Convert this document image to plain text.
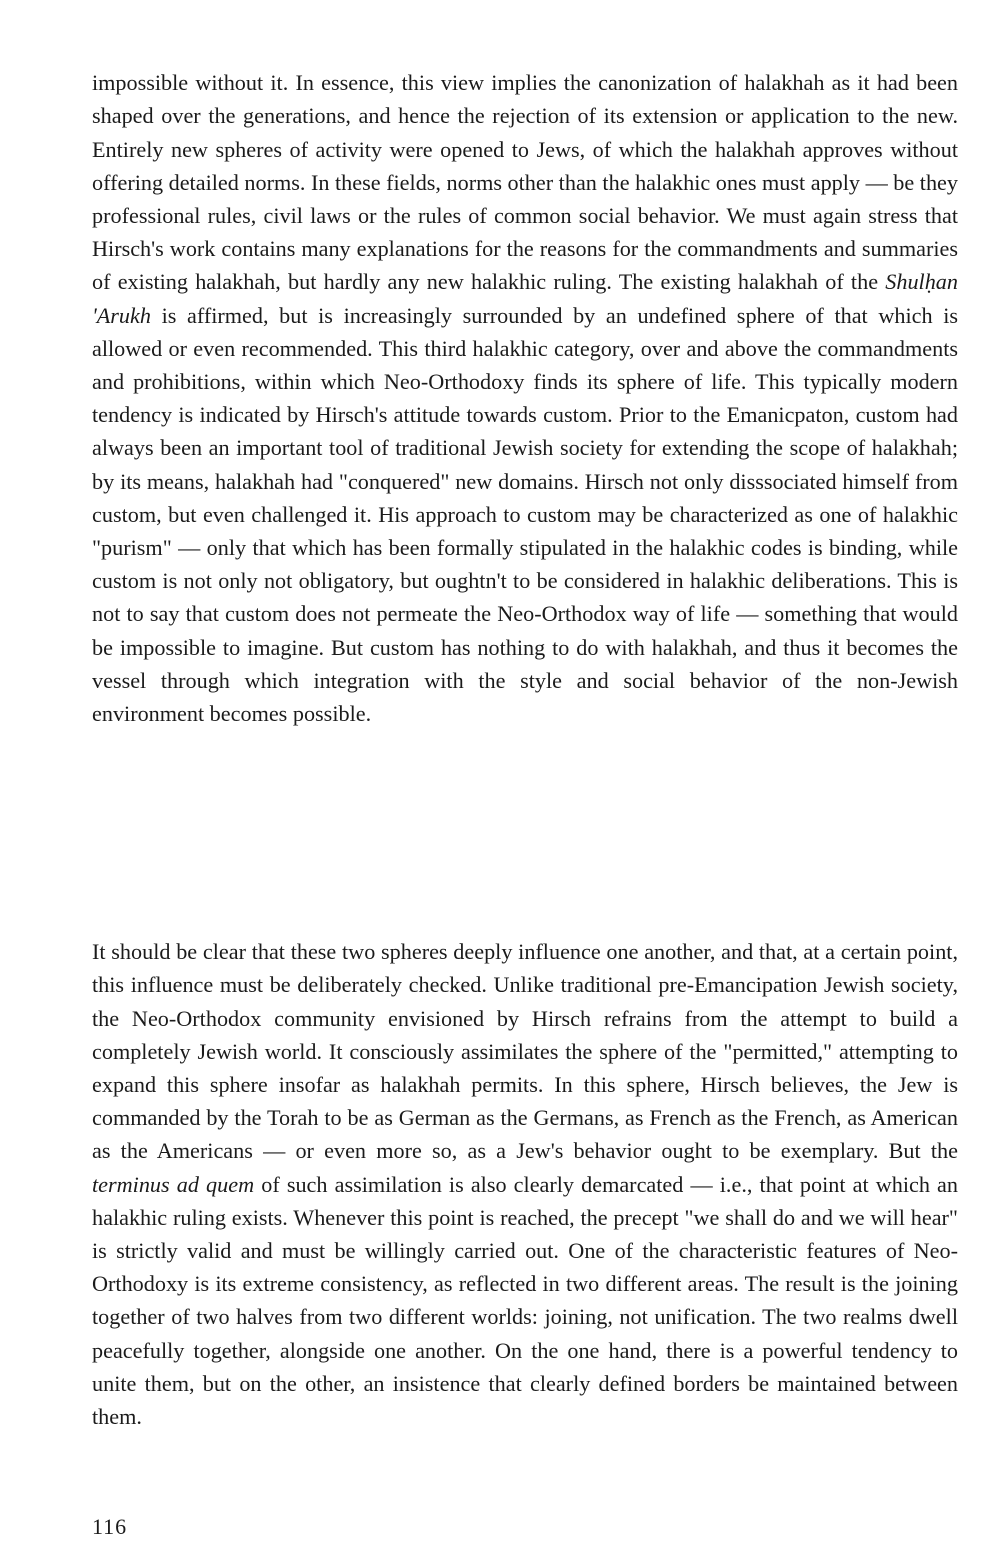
impossible without it. In essence, this view implies the canonization of halakhah as it had been shaped over the generations, and hence the rejection of its extension or application to the new. Entirely new spheres of activity were opened to Jews, of which the halakhah approves without offering detailed norms. In these fields, norms other than the halakhic ones must apply — be they professional rules, civil laws or the rules of common social behavior. We must again stress that Hirsch's work contains many explanations for the reasons for the commandments and summaries of existing halakhah, but hardly any new halakhic ruling. The existing halakhah of the Shulḥan 'Arukh is affirmed, but is increasingly surrounded by an undefined sphere of that which is allowed or even recommended. This third halakhic category, over and above the commandments and prohibitions, within which Neo-Orthodoxy finds its sphere of life. This typically modern tendency is indicated by Hirsch's attitude towards custom. Prior to the Emanicpaton, custom had always been an important tool of traditional Jewish society for extending the scope of halakhah; by its means, halakhah had "conquered" new domains. Hirsch not only disssociated himself from custom, but even challenged it. His approach to custom may be characterized as one of halakhic "purism" — only that which has been formally stipulated in the halakhic codes is binding, while custom is not only not obligatory, but oughtn't to be considered in halakhic deliberations. This is not to say that custom does not permeate the Neo-Orthodox way of life — something that would be impossible to imagine. But custom has nothing to do with halakhah, and thus it becomes the vessel through which integration with the style and social behavior of the non-Jewish environment becomes possible.

It should be clear that these two spheres deeply influence one another, and that, at a certain point, this influence must be deliberately checked. Unlike traditional pre-Emancipation Jewish society, the Neo-Orthodox community envisioned by Hirsch refrains from the attempt to build a completely Jewish world. It consciously assimilates the sphere of the "permitted," attempting to expand this sphere insofar as halakhah permits. In this sphere, Hirsch believes, the Jew is commanded by the Torah to be as German as the Germans, as French as the French, as American as the Americans — or even more so, as a Jew's behavior ought to be exemplary. But the terminus ad quem of such assimilation is also clearly demarcated — i.e., that point at which an halakhic ruling exists. Whenever this point is reached, the precept "we shall do and we will hear" is strictly valid and must be willingly carried out. One of the characteristic features of Neo-Orthodoxy is its extreme consistency, as reflected in two different areas. The result is the joining together of two halves from two different worlds: joining, not unification. The two realms dwell peacefully together, alongside one another. On the one hand, there is a powerful tendency to unite them, but on the other, an insistence that clearly defined borders be maintained between them.

116
